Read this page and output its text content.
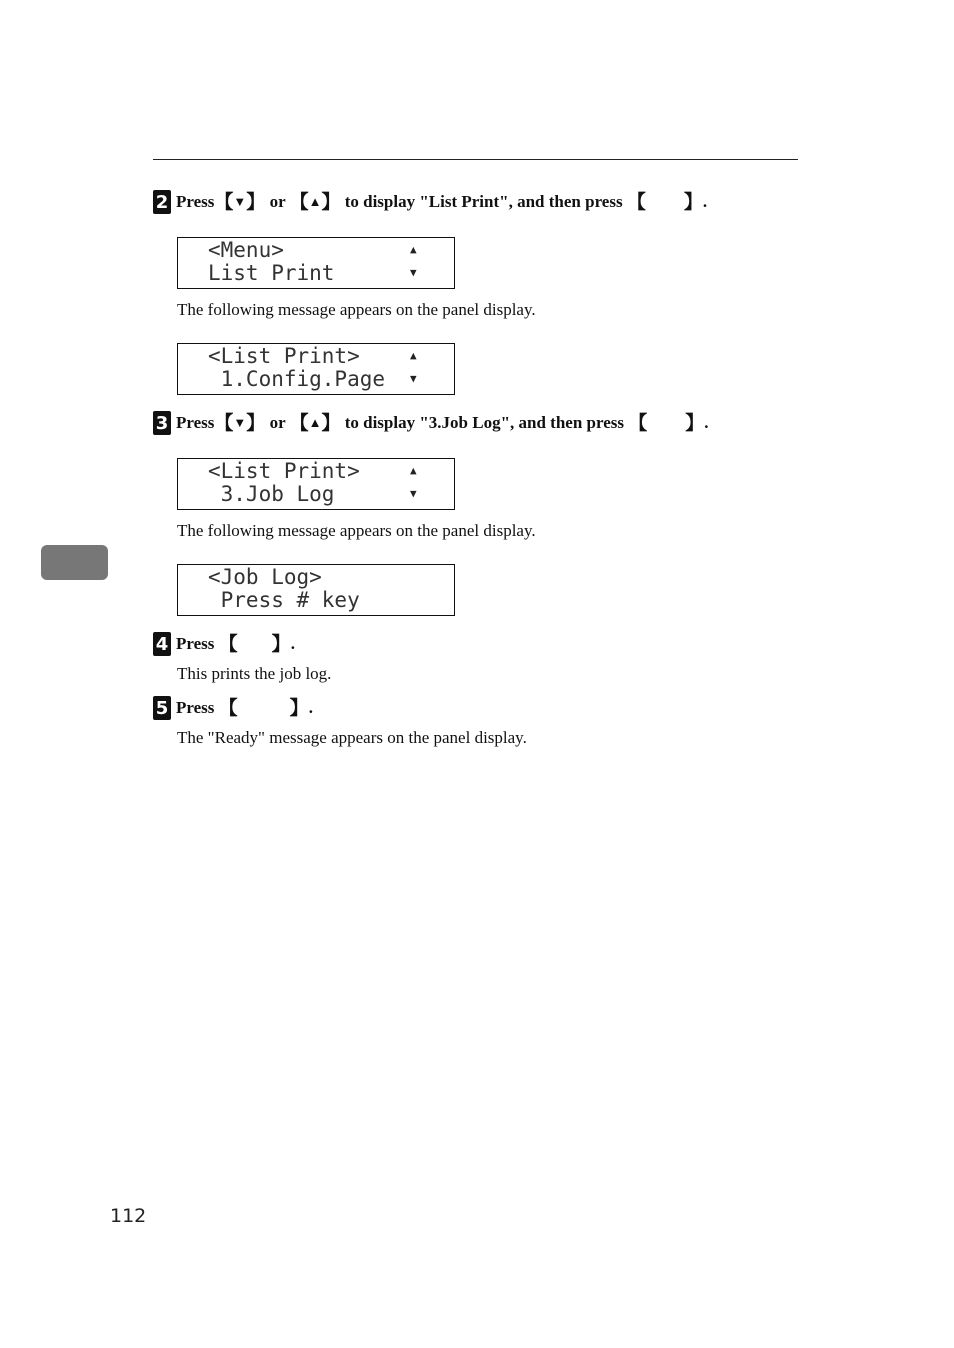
2 Press 【 ▼ 】 or 【 ▲ 】 to display "List Print", and then press 【 】 .
<Menu>
List Print
▲
▼
The following message appears on the panel display.
<List Print>
1.Config.Page
▲
▼
3 Press 【 ▼ 】 or 【 ▲ 】 to display "3.Job Log", and then press 【 】 .
<List Print>
3.Job Log
▲
▼
The following message appears on the panel display.
<Job Log>
Press # key
4 Press 【 】 .
This prints the job log.
5 Press 【	】 .
The "Ready" message appears on the panel display.
112
